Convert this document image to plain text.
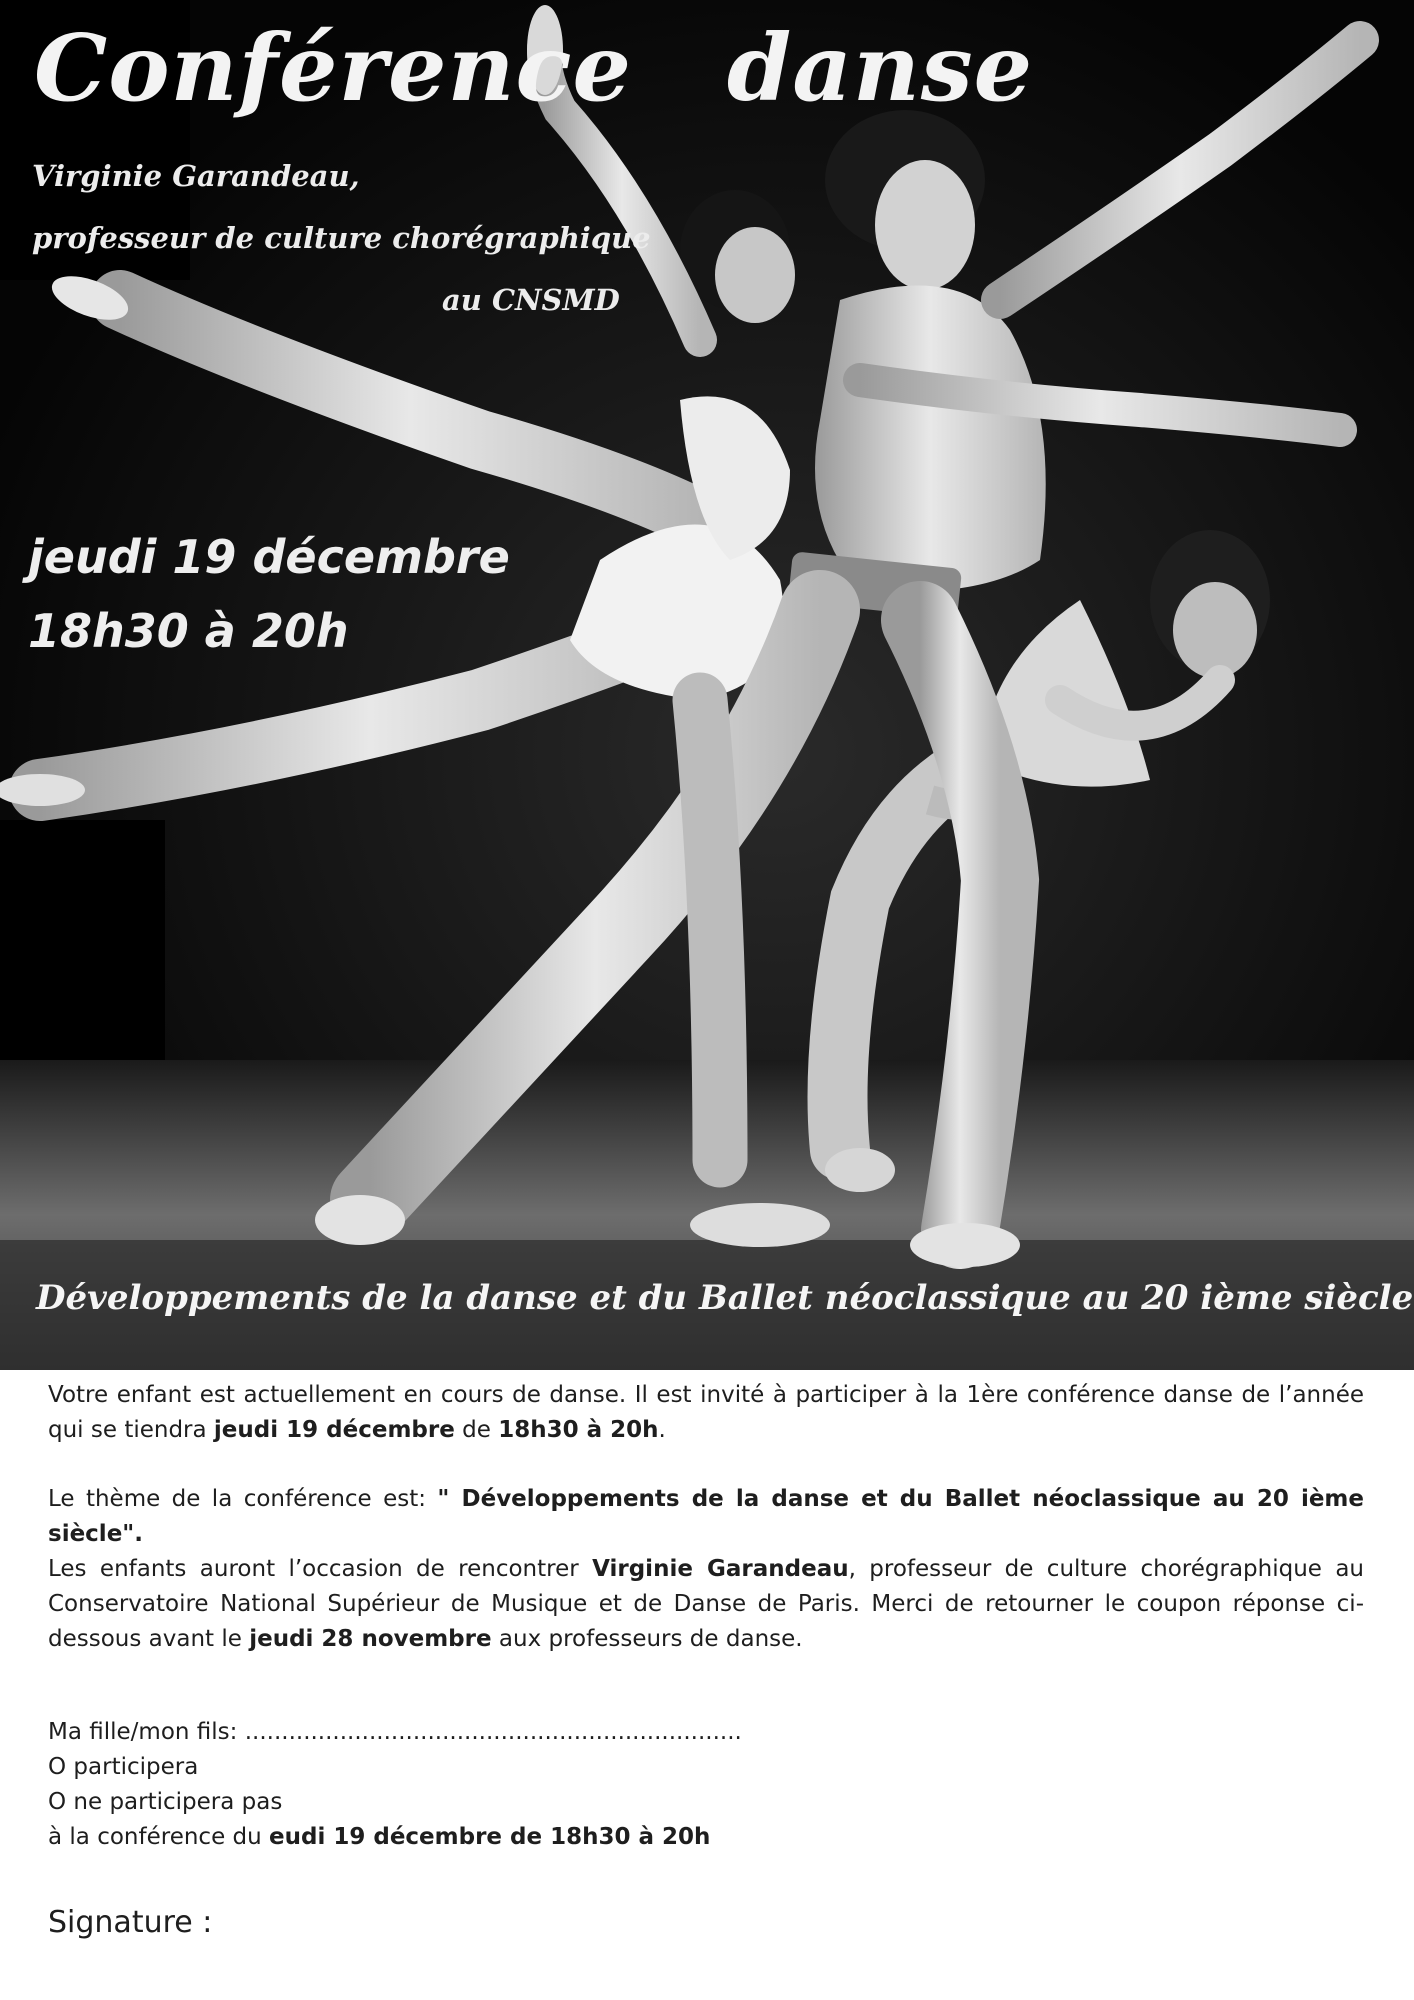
Conférence danse
Virginie Garandeau,
professeur de culture chorégraphique
au CNSMD
jeudi 19 décembre
18h30 à 20h
Développements de la danse et du Ballet néoclassique au 20 ième siècle

Votre enfant est actuellement en cours de danse. Il est invité à participer à la 1ère conférence danse de l’année qui se tiendra jeudi 19 décembre de 18h30 à 20h.

Le thème de la conférence est: " Développements de la danse et du Ballet néoclassique au 20 ième siècle".

Les enfants auront l’occasion de rencontrer Virginie Garandeau, professeur de culture chorégraphique au Conservatoire National Supérieur de Musique et de Danse de Paris. Merci de retourner le coupon réponse ci-dessous avant le jeudi 28 novembre aux professeurs de danse.

Ma fille/mon fils: ....................................................................
O participera
O ne participera pas
à la conférence du eudi 19 décembre de 18h30 à 20h
Signature :
